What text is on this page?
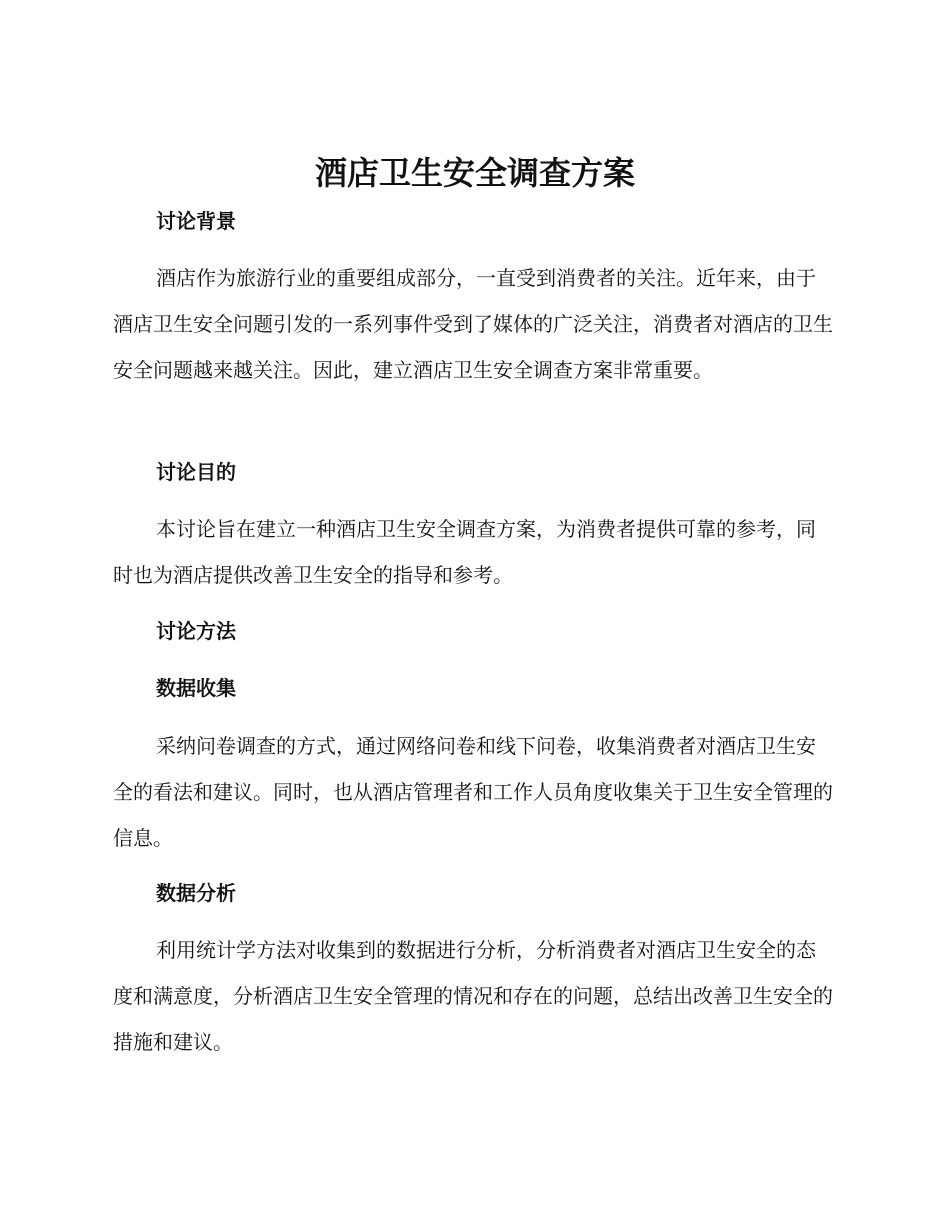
酒店卫生安全调查方案
讨论背景

酒店作为旅游行业的重要组成部分，一直受到消费者的关注。近年来，由于酒店卫生安全问题引发的一系列事件受到了媒体的广泛关注，消费者对酒店的卫生安全问题越来越关注。因此，建立酒店卫生安全调查方案非常重要。

讨论目的

本讨论旨在建立一种酒店卫生安全调查方案，为消费者提供可靠的参考，同时也为酒店提供改善卫生安全的指导和参考。

讨论方法
数据收集

采纳问卷调查的方式，通过网络问卷和线下问卷，收集消费者对酒店卫生安全的看法和建议。同时，也从酒店管理者和工作人员角度收集关于卫生安全管理的信息。

数据分析

利用统计学方法对收集到的数据进行分析，分析消费者对酒店卫生安全的态度和满意度，分析酒店卫生安全管理的情况和存在的问题，总结出改善卫生安全的措施和建议。
